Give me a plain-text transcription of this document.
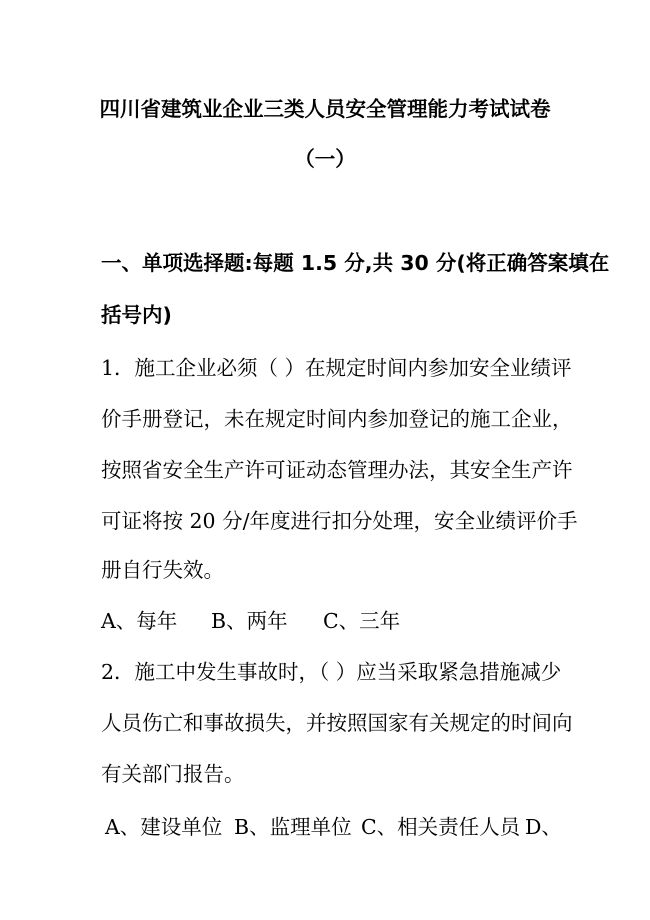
四川省建筑业企业三类人员安全管理能力考试试卷
（一）
一、单项选择题:每题 1.5 分,共 30 分(将正确答案填在
括号内)
1．施工企业必须（ ）在规定时间内参加安全业绩评
价手册登记，未在规定时间内参加登记的施工企业，
按照省安全生产许可证动态管理办法，其安全生产许
可证将按 20 分/年度进行扣分处理，安全业绩评价手
册自行失效。
A、每年 B、两年 C、三年
2．施工中发生事故时，（ ）应当采取紧急措施减少
人员伤亡和事故损失，并按照国家有关规定的时间向
有关部门报告。
A、建设单位 B、监理单位 C、相关责任人员 D、
